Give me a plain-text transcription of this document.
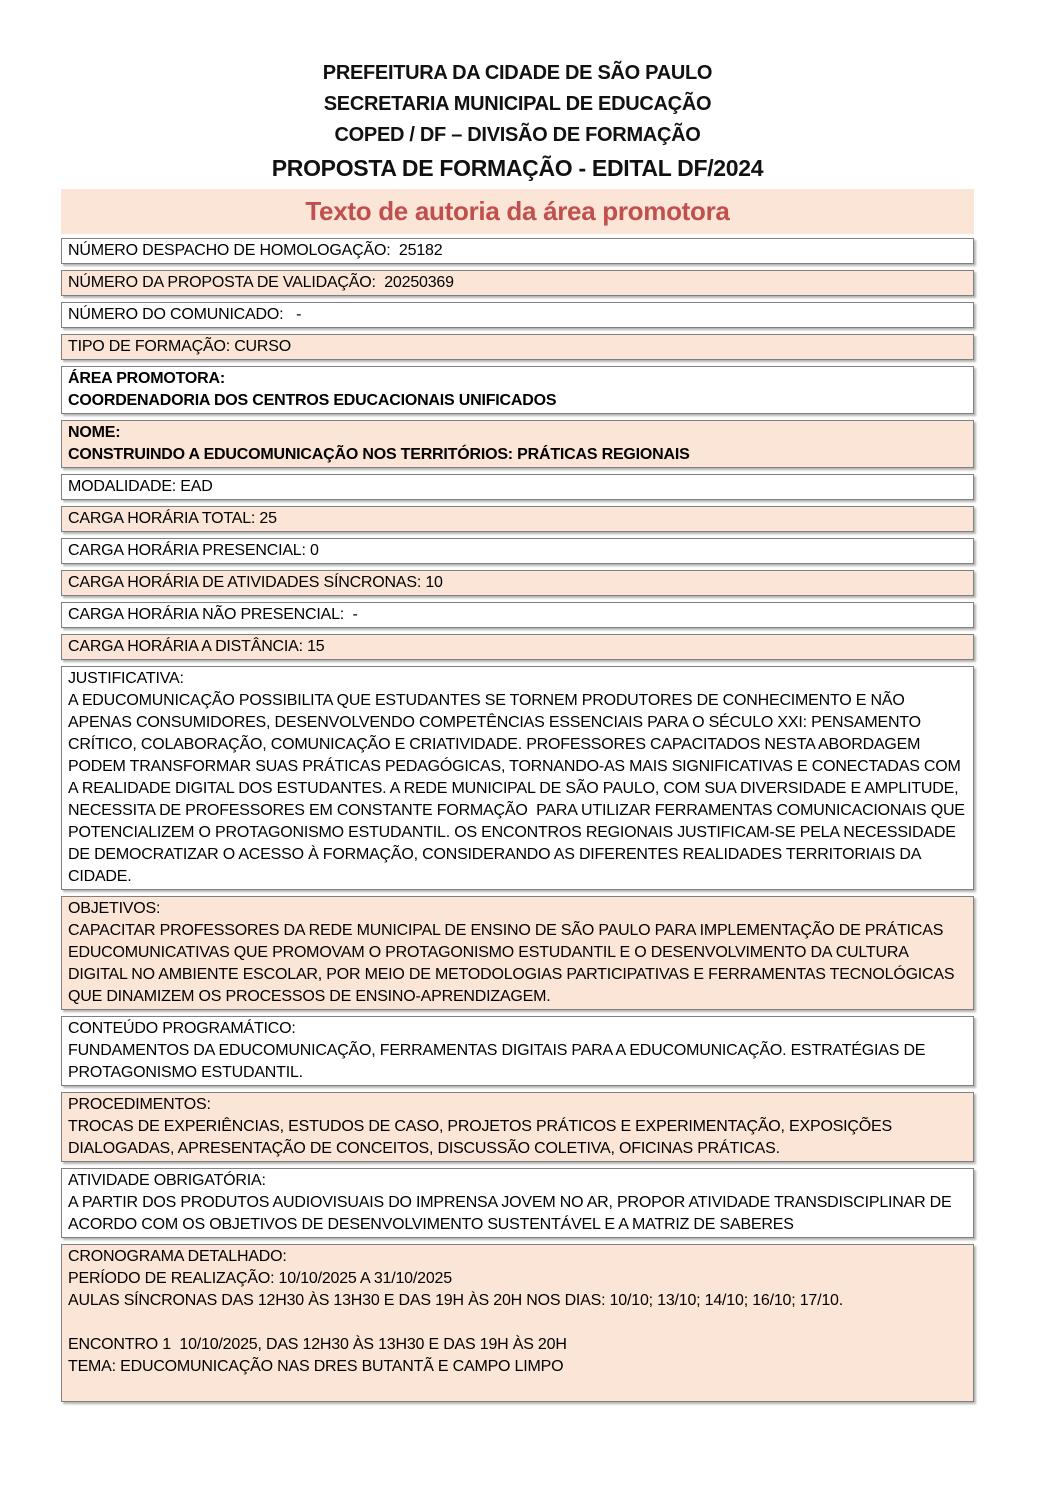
PREFEITURA DA CIDADE DE SÃO PAULO
SECRETARIA MUNICIPAL DE EDUCAÇÃO
COPED / DF – DIVISÃO DE FORMAÇÃO
PROPOSTA DE FORMAÇÃO - EDITAL DF/2024
Texto de autoria da área promotora
NÚMERO DESPACHO DE HOMOLOGAÇÃO:  25182
NÚMERO DA PROPOSTA DE VALIDAÇÃO:  20250369
NÚMERO DO COMUNICADO:   -
TIPO DE FORMAÇÃO: CURSO
ÁREA PROMOTORA:
COORDENADORIA DOS CENTROS EDUCACIONAIS UNIFICADOS
NOME:
CONSTRUINDO A EDUCOMUNICAÇÃO NOS TERRITÓRIOS: PRÁTICAS REGIONAIS
MODALIDADE: EAD
CARGA HORÁRIA TOTAL: 25
CARGA HORÁRIA PRESENCIAL: 0
CARGA HORÁRIA DE ATIVIDADES SÍNCRONAS: 10
CARGA HORÁRIA NÃO PRESENCIAL:  -
CARGA HORÁRIA A DISTÂNCIA: 15
JUSTIFICATIVA:
A EDUCOMUNICAÇÃO POSSIBILITA QUE ESTUDANTES SE TORNEM PRODUTORES DE CONHECIMENTO E NÃO APENAS CONSUMIDORES, DESENVOLVENDO COMPETÊNCIAS ESSENCIAIS PARA O SÉCULO XXI: PENSAMENTO CRÍTICO, COLABORAÇÃO, COMUNICAÇÃO E CRIATIVIDADE. PROFESSORES CAPACITADOS NESTA ABORDAGEM PODEM TRANSFORMAR SUAS PRÁTICAS PEDAGÓGICAS, TORNANDO-AS MAIS SIGNIFICATIVAS E CONECTADAS COM A REALIDADE DIGITAL DOS ESTUDANTES. A REDE MUNICIPAL DE SÃO PAULO, COM SUA DIVERSIDADE E AMPLITUDE, NECESSITA DE PROFESSORES EM CONSTANTE FORMAÇÃO  PARA UTILIZAR FERRAMENTAS COMUNICACIONAIS QUE POTENCIALIZEM O PROTAGONISMO ESTUDANTIL. OS ENCONTROS REGIONAIS JUSTIFICAM-SE PELA NECESSIDADE DE DEMOCRATIZAR O ACESSO À FORMAÇÃO, CONSIDERANDO AS DIFERENTES REALIDADES TERRITORIAIS DA CIDADE.
OBJETIVOS:
CAPACITAR PROFESSORES DA REDE MUNICIPAL DE ENSINO DE SÃO PAULO PARA IMPLEMENTAÇÃO DE PRÁTICAS EDUCOMUNICATIVAS QUE PROMOVAM O PROTAGONISMO ESTUDANTIL E O DESENVOLVIMENTO DA CULTURA DIGITAL NO AMBIENTE ESCOLAR, POR MEIO DE METODOLOGIAS PARTICIPATIVAS E FERRAMENTAS TECNOLÓGICAS QUE DINAMIZEM OS PROCESSOS DE ENSINO-APRENDIZAGEM.
CONTEÚDO PROGRAMÁTICO:
FUNDAMENTOS DA EDUCOMUNICAÇÃO, FERRAMENTAS DIGITAIS PARA A EDUCOMUNICAÇÃO. ESTRATÉGIAS DE PROTAGONISMO ESTUDANTIL.
PROCEDIMENTOS:
TROCAS DE EXPERIÊNCIAS, ESTUDOS DE CASO, PROJETOS PRÁTICOS E EXPERIMENTAÇÃO, EXPOSIÇÕES DIALOGADAS, APRESENTAÇÃO DE CONCEITOS, DISCUSSÃO COLETIVA, OFICINAS PRÁTICAS.
ATIVIDADE OBRIGATÓRIA:
A PARTIR DOS PRODUTOS AUDIOVISUAIS DO IMPRENSA JOVEM NO AR, PROPOR ATIVIDADE TRANSDISCIPLINAR DE ACORDO COM OS OBJETIVOS DE DESENVOLVIMENTO SUSTENTÁVEL E A MATRIZ DE SABERES
CRONOGRAMA DETALHADO:
PERÍODO DE REALIZAÇÃO: 10/10/2025 A 31/10/2025
AULAS SÍNCRONAS DAS 12H30 ÀS 13H30 E DAS 19H ÀS 20H NOS DIAS: 10/10; 13/10; 14/10; 16/10; 17/10.

ENCONTRO 1  10/10/2025, DAS 12H30 ÀS 13H30 E DAS 19H ÀS 20H
TEMA: EDUCOMUNICAÇÃO NAS DRES BUTANTÃ E CAMPO LIMPO
